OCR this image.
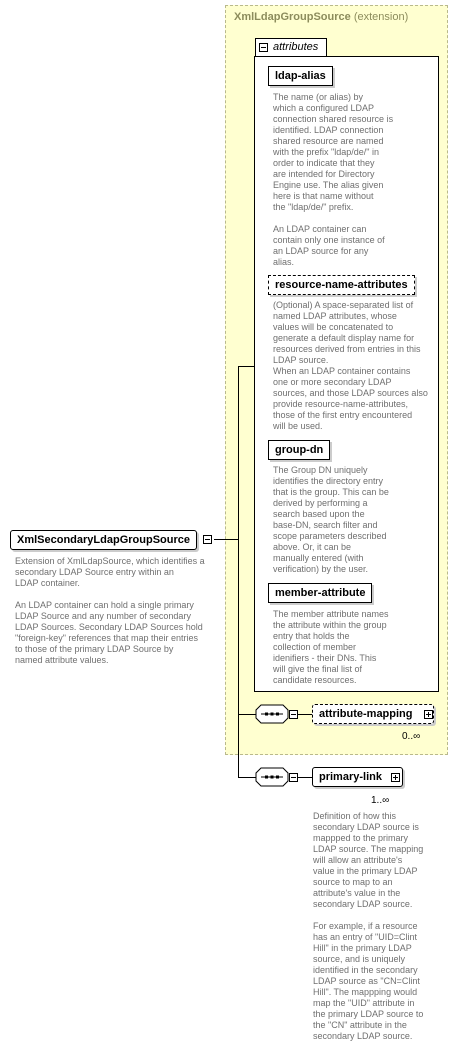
XmlLdapGroupSource (extension)
attributes
ldap-alias
The name (or alias) by
which a configured LDAP
connection shared resource is
identified. LDAP connection
shared resource are named
with the prefix "ldap/de/" in
order to indicate that they
are intended for Directory
Engine use. The alias given
here is that name without
the "ldap/de/" prefix.

An LDAP container can
contain only one instance of
an LDAP source for any
alias.
resource-name-attributes
(Optional) A space-separated list of
named LDAP attributes, whose
values will be concatenated to
generate a default display name for
resources derived from entries in this
LDAP source.
When an LDAP container contains
one or more secondary LDAP
sources, and those LDAP sources also
provide resource-name-attributes,
those of the first entry encountered
will be used.
group-dn
The Group DN uniquely
identifies the directory entry
that is the group. This can be
derived by performing a
search based upon the
base-DN, search filter and
scope parameters described
above. Or, it can be
manually entered (with
verification) by the user.
member-attribute
The member attribute names
the attribute within the group
entry that holds the
collection of member
idenifiers - their DNs. This
will give the final list of
candidate resources.
XmlSecondaryLdapGroupSource
Extension of XmlLdapSource, which identifies a
secondary LDAP Source entry within an
LDAP container.

An LDAP container can hold a single primary
LDAP Source and any number of secondary
LDAP Sources. Secondary LDAP Sources hold
"foreign-key" references that map their entries
to those of the primary LDAP Source by
named attribute values.
attribute-mapping
0..∞
primary-link
1..∞
Definition of how this
secondary LDAP source is
mappped to the primary
LDAP source. The mapping
will allow an attribute's
value in the primary LDAP
source to map to an
attribute's value in the
secondary LDAP source.

For example, if a resource
has an entry of "UID=Clint
Hill" in the primary LDAP
source, and is uniquely
identified in the secondary
LDAP source as "CN=Clint
Hill". The mappping would
map the "UID" attribute in
the primary LDAP source to
the "CN" attribute in the
secondary LDAP source.
